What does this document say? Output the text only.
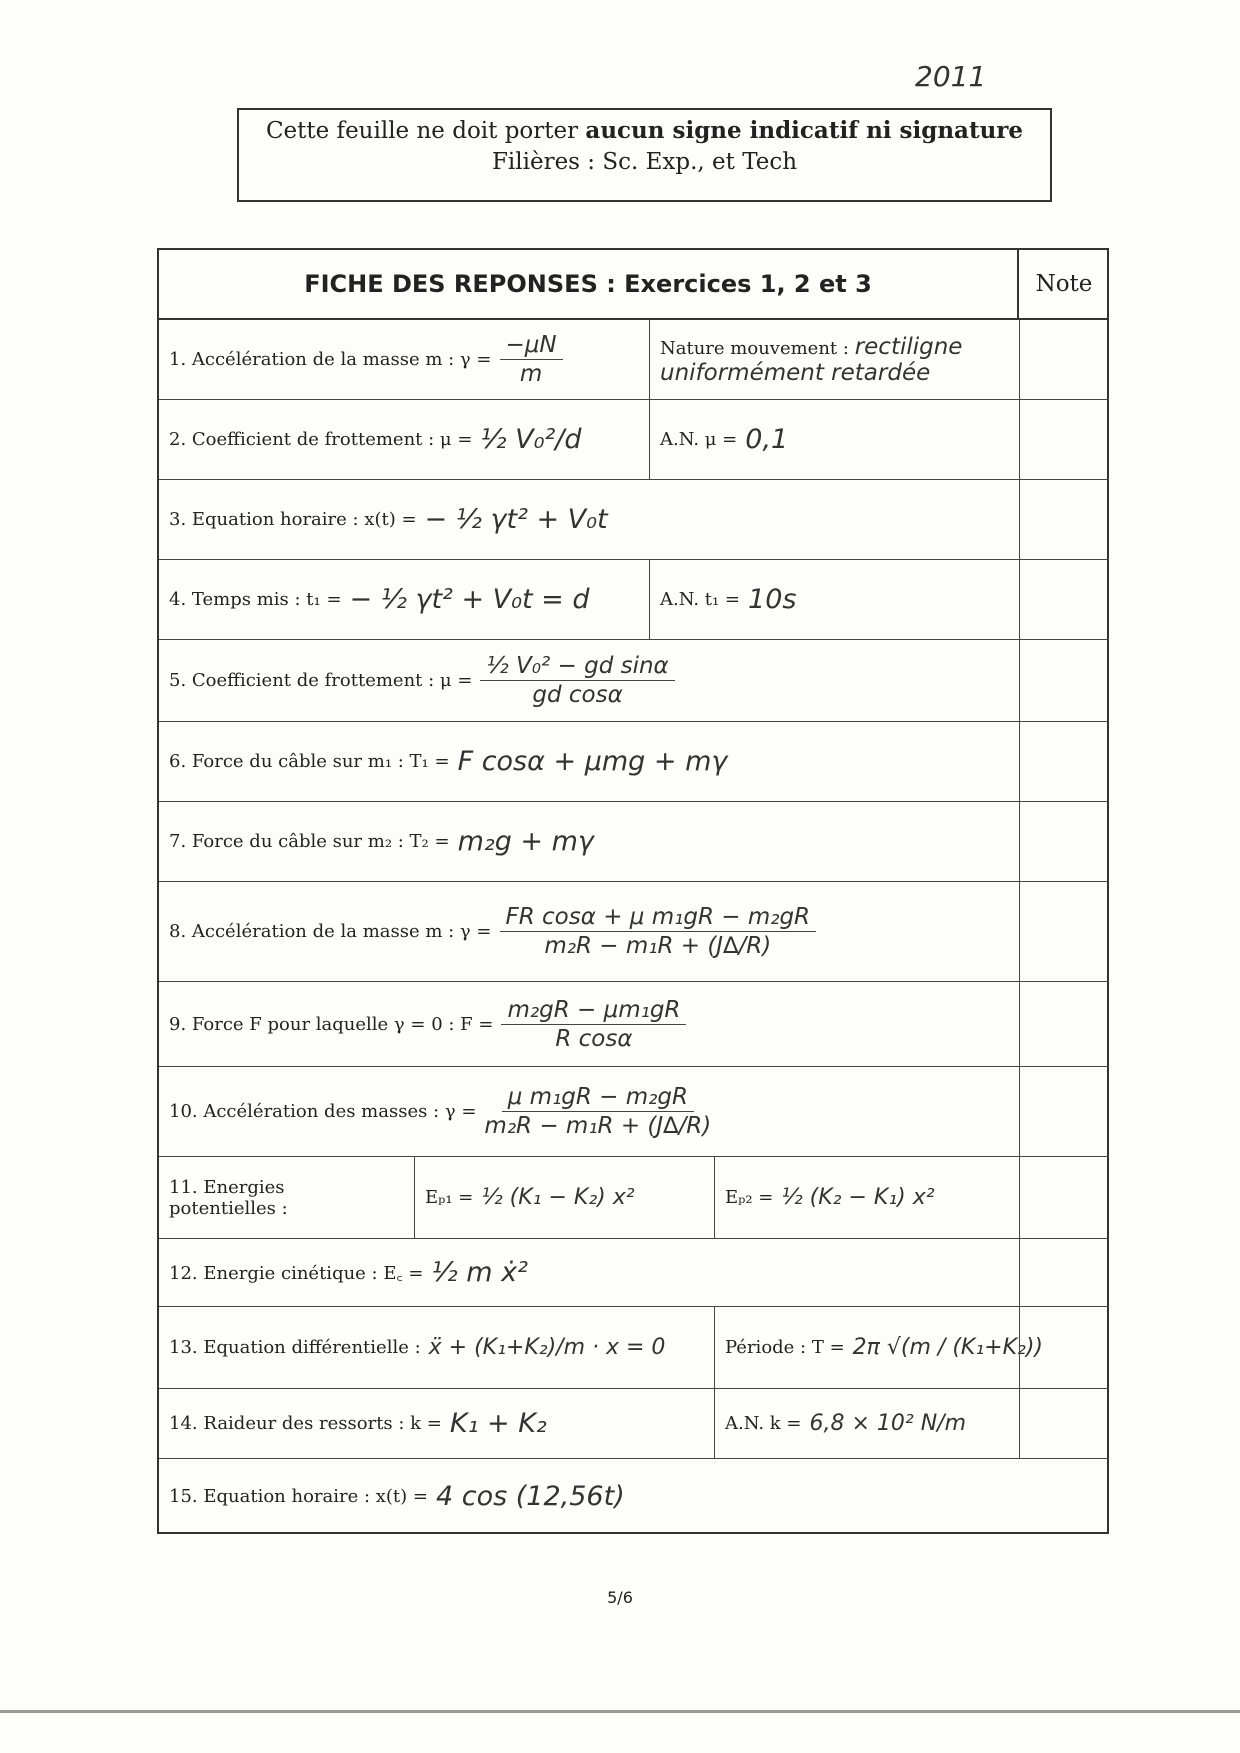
2011
Cette feuille ne doit porter aucun signe indicatif ni signature
Filières : Sc. Exp., et Tech
FICHE DES REPONSES : Exercices 1, 2 et 3	Note
1. Accélération de la masse m : $\gamma = \frac{-\mu N}{m}$	Nature mouvement : rectiligne
uniformément retardée
2. Coefficient de frottement : μ = ½ V₀²/d	A.N. μ = 0,1
3. Equation horaire : x(t) = − ½ γt² + V₀t
4. Temps mis : t₁ = − ½ γt² + V₀t = d	A.N. t₁ = 10s
5. Coefficient de frottement : $\mu = \frac{\text{½ V₀² − gd sinα}}{\text{gd cosα}}$
6. Force du câble sur m₁ : T₁ = F cosα + μmg + mγ
7. Force du câble sur m₂ : T₂ = m₂g + mγ
8. Accélération de la masse m : $\gamma = \frac{\text{FR cosα + μ m₁gR − m₂gR}}{\text{m₂R − m₁R + (J∆/R)}}$
9. Force F pour laquelle γ = 0 : $F = \frac{\text{m₂gR − μm₁gR}}{\text{R cosα}}$
10. Accélération des masses : $\gamma = \frac{\text{μ m₁gR − m₂gR}}{\text{m₂R − m₁R + (J∆/R)}}$
11. Energies
potentielles :	Eₚ₁ = ½ (K₁ − K₂) x²	Eₚ₂ = ½ (K₂ − K₁) x²
12. Energie cinétique : E꜀ = ½ m ẋ²
13. Equation différentielle : ẍ + (K₁+K₂)/m · x = 0	Période : T = 2π √(m / (K₁+K₂))
14. Raideur des ressorts : k = K₁ + K₂	A.N. k = 6,8 × 10² N/m
15. Equation horaire : x(t) = 4 cos (12,56t)
5/6
